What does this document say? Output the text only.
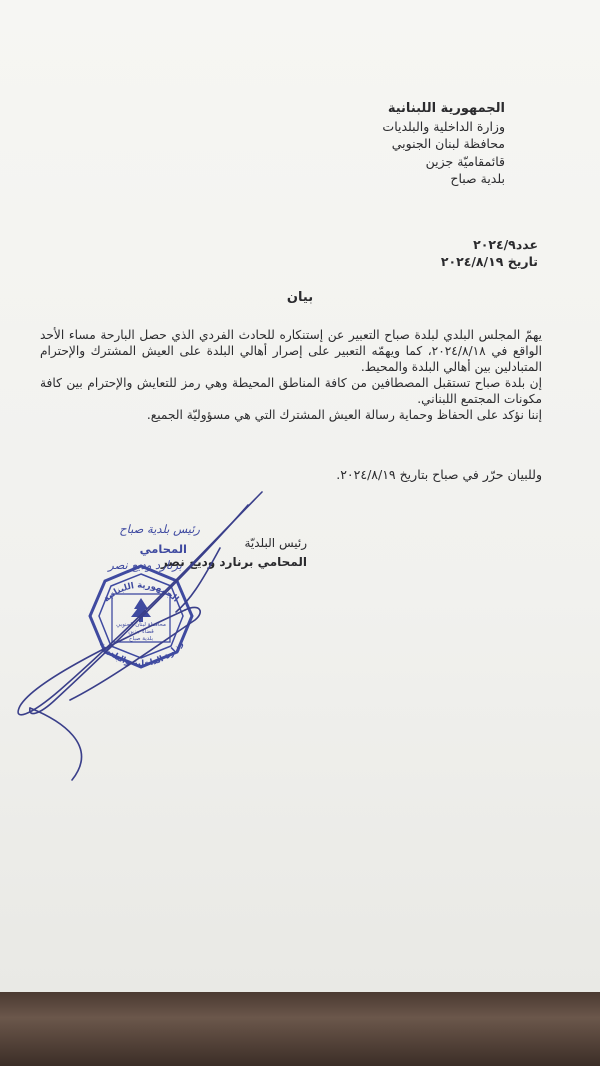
الجمهورية اللبنانية
وزارة الداخلية والبلديات
محافظة لبنان الجنوبي
قائمقاميّة جزين
بلدية صباح
عدد٢٠٢٤/٩
تاريخ ٢٠٢٤/٨/١٩
بيان

يهمّ المجلس البلدي لبلدة صباح التعبير عن إستنكاره للحادث الفردي الذي حصل البارحة مساء الأحد الواقع في ٢٠٢٤/٨/١٨، كما ويهمّه التعبير على إصرار أهالي البلدة على العيش المشترك والإحترام المتبادلين بين أهالي البلدة والمحيط.

إن بلدة صباح تستقبل المصطافين من كافة المناطق المحيطة وهي رمز للتعايش والإحترام بين كافة مكونات المجتمع اللبناني.

إننا نؤكد على الحفاظ وحماية رسالة العيش المشترك التي هي مسؤوليّة الجميع.

وللبيان حرّر في صباح بتاريخ ٢٠٢٤/٨/١٩.
رئيس البلديّة
المحامي برنارد وديع نصر
رئيس بلدية صباح
المحامي
برنارد وديع نصر
الجمهورية اللبنانية
وزارة الداخلية والبلديات
محافظة لبنان الجنوبي
قضاء جزين
بلدية صباح
